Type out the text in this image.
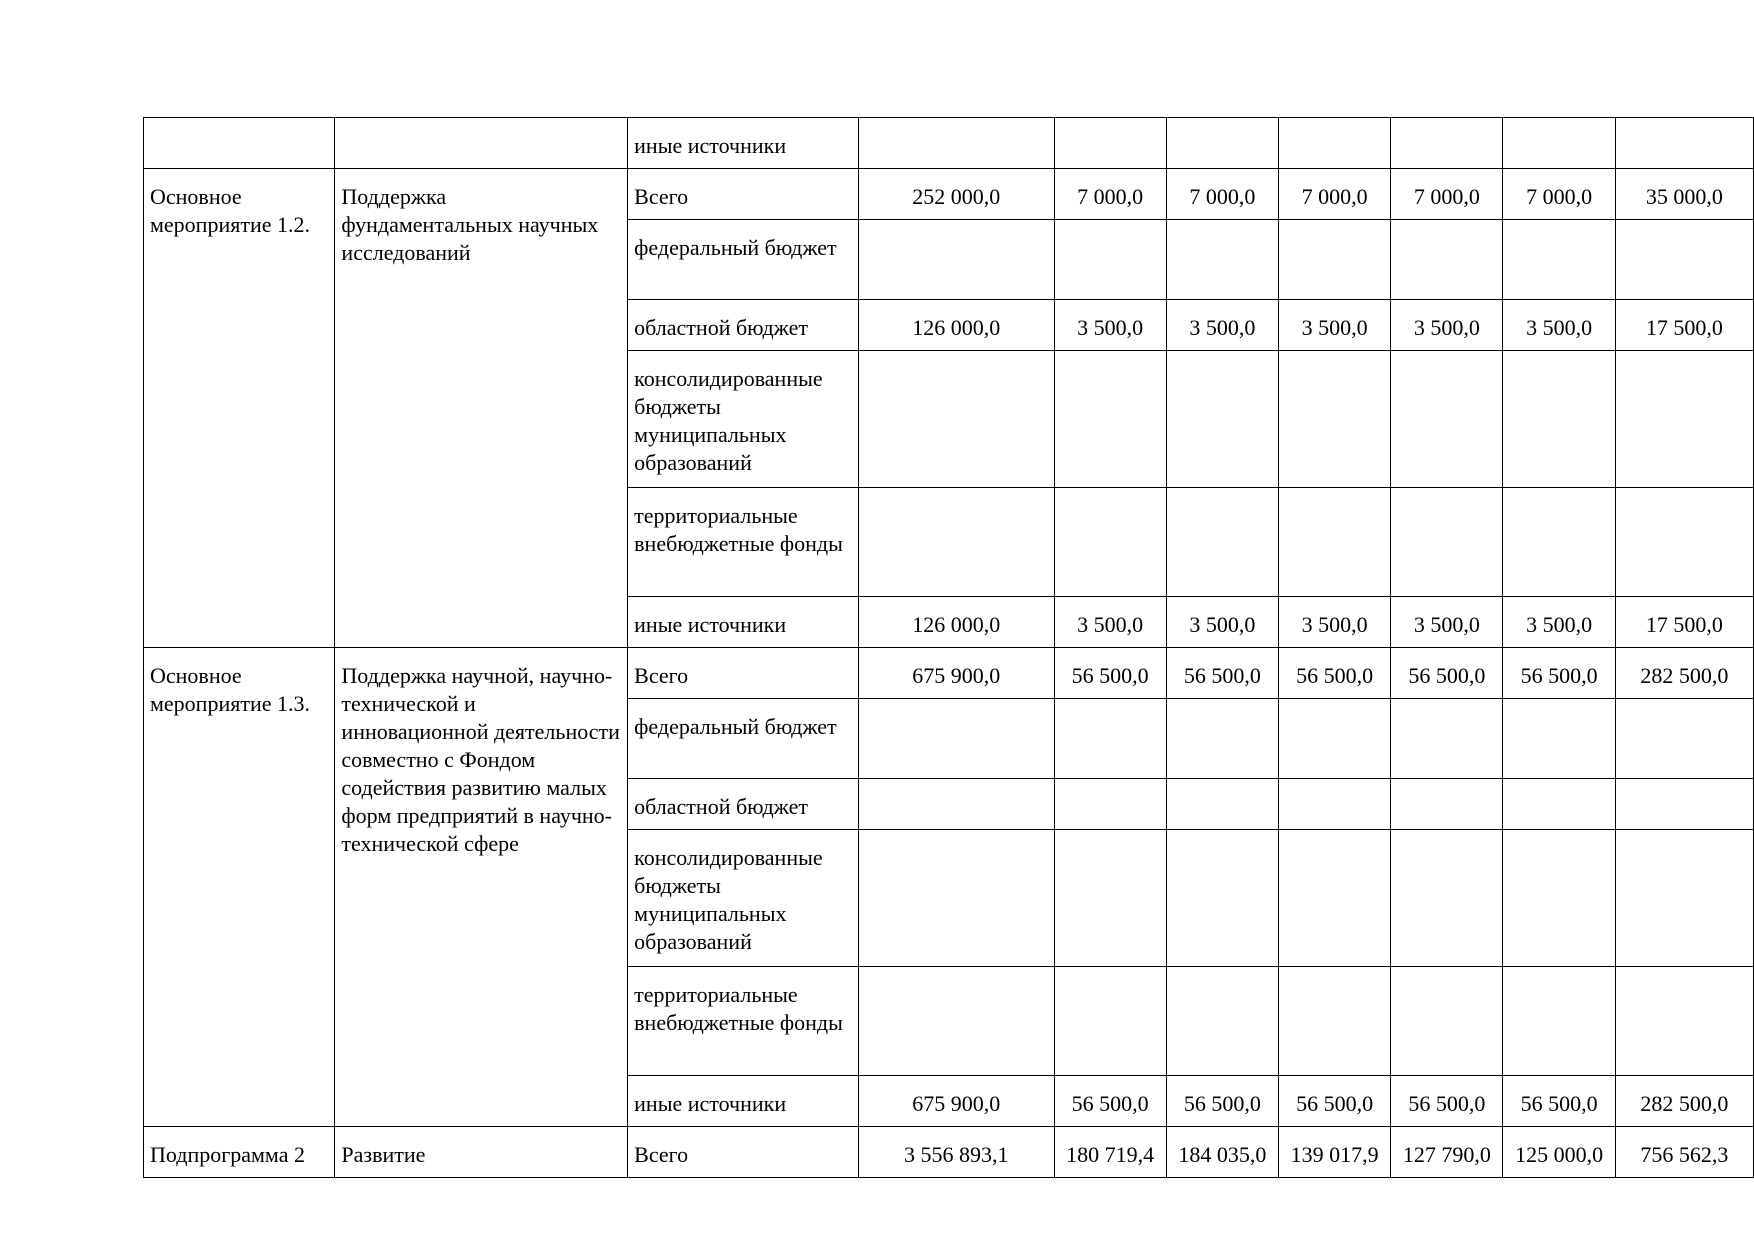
		иные источники							
Основное мероприятие 1.2.	Поддержка фундаментальных научных исследований	Всего	252 000,0	7 000,0	7 000,0	7 000,0	7 000,0	7 000,0	35 000,0
		федеральный бюджет							
		областной бюджет	126 000,0	3 500,0	3 500,0	3 500,0	3 500,0	3 500,0	17 500,0
		консолидированные бюджеты муниципальных образований							
		территориальные внебюджетные фонды							
		иные источники	126 000,0	3 500,0	3 500,0	3 500,0	3 500,0	3 500,0	17 500,0
Основное мероприятие 1.3.	Поддержка научной, научно-технической и инновационной деятельности совместно с Фондом содействия развитию малых форм предприятий в научно-технической сфере	Всего	675 900,0	56 500,0	56 500,0	56 500,0	56 500,0	56 500,0	282 500,0
		федеральный бюджет							
		областной бюджет							
		консолидированные бюджеты муниципальных образований							
		территориальные внебюджетные фонды							
		иные источники	675 900,0	56 500,0	56 500,0	56 500,0	56 500,0	56 500,0	282 500,0
Подпрограмма 2	Развитие	Всего	3 556 893,1	180 719,4	184 035,0	139 017,9	127 790,0	125 000,0	756 562,3
